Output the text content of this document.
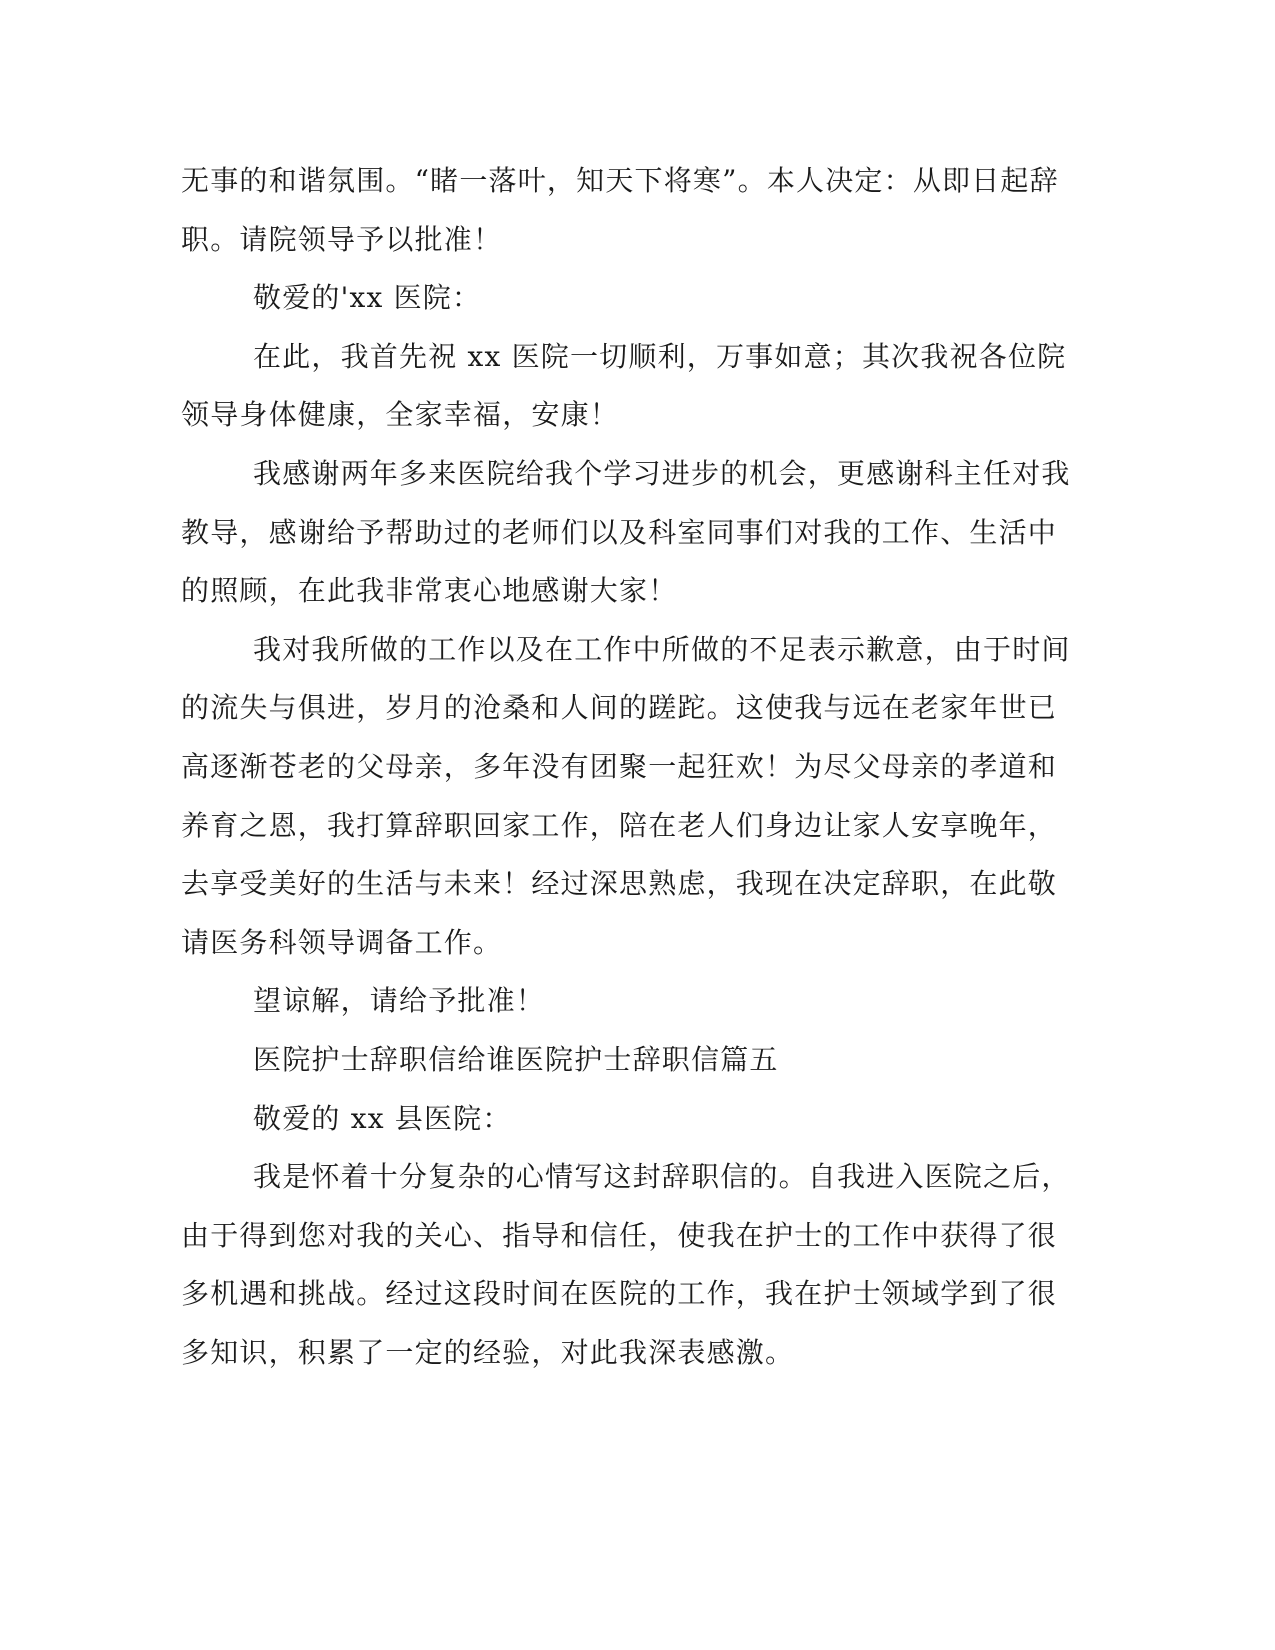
无事的和谐氛围。“睹一落叶，知天下将寒”。本人决定：从即日起辞
职。请院领导予以批准！
敬爱的'xx 医院：
在此，我首先祝 xx 医院一切顺利，万事如意；其次我祝各位院
领导身体健康，全家幸福，安康！
我感谢两年多来医院给我个学习进步的机会，更感谢科主任对我
教导，感谢给予帮助过的老师们以及科室同事们对我的工作、生活中
的照顾，在此我非常衷心地感谢大家！
我对我所做的工作以及在工作中所做的不足表示歉意，由于时间
的流失与俱进，岁月的沧桑和人间的蹉跎。这使我与远在老家年世已
高逐渐苍老的父母亲，多年没有团聚一起狂欢！为尽父母亲的孝道和
养育之恩，我打算辞职回家工作，陪在老人们身边让家人安享晚年，
去享受美好的生活与未来！经过深思熟虑，我现在决定辞职，在此敬
请医务科领导调备工作。
望谅解，请给予批准！
医院护士辞职信给谁医院护士辞职信篇五
敬爱的 xx 县医院：
我是怀着十分复杂的心情写这封辞职信的。自我进入医院之后，
由于得到您对我的关心、指导和信任，使我在护士的工作中获得了很
多机遇和挑战。经过这段时间在医院的工作，我在护士领域学到了很
多知识，积累了一定的经验，对此我深表感激。
